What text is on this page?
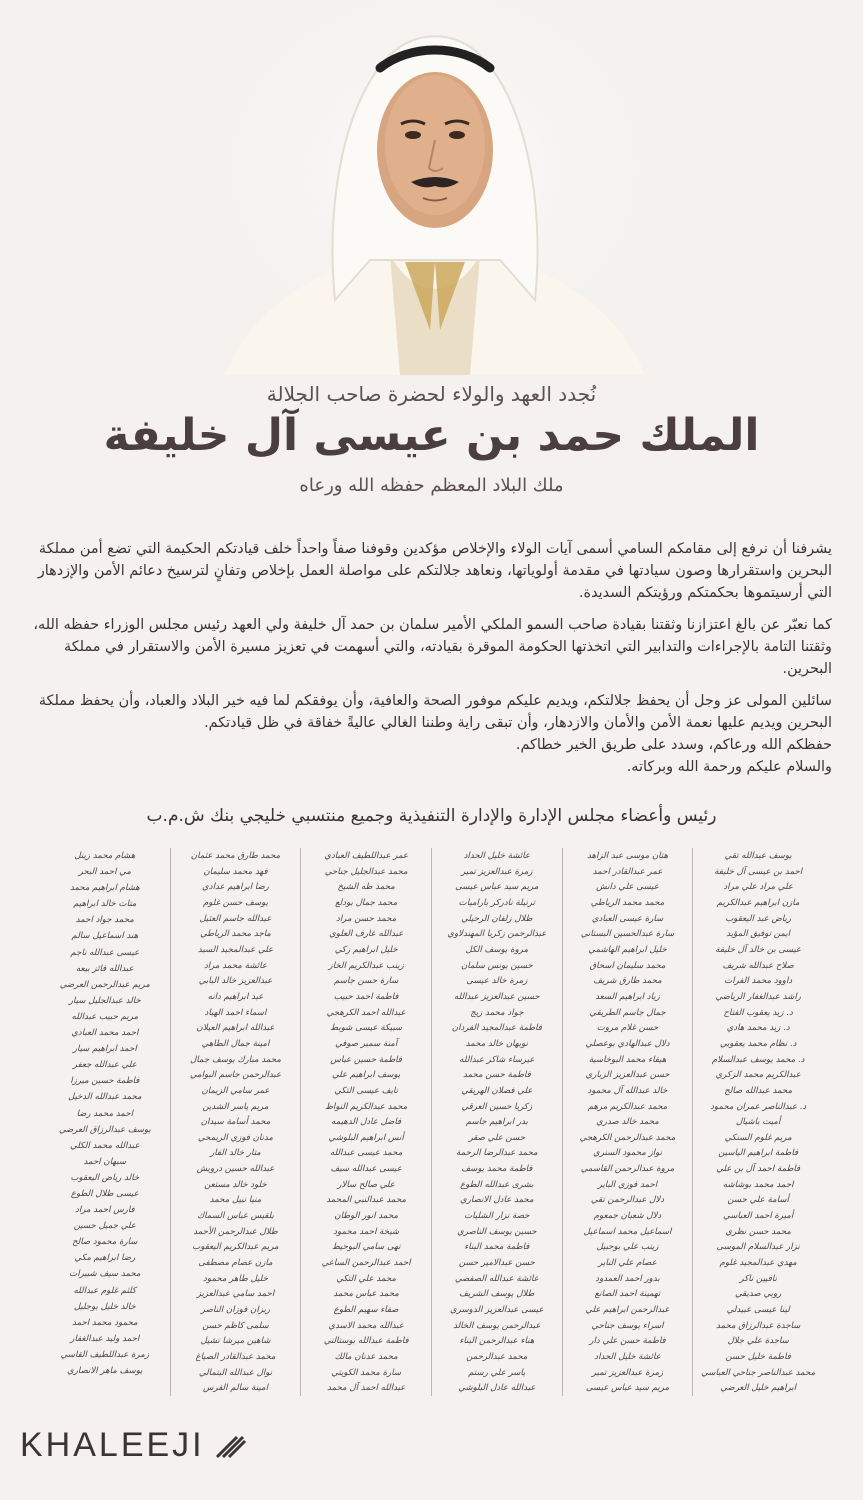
نُجدد العهد والولاء لحضرة صاحب الجلالة
الملك حمد بن عيسى آل خليفة
ملك البلاد المعظم حفظه الله ورعاه

يشرفنا أن نرفع إلى مقامكم السامي أسمى آيات الولاء والإخلاص مؤكدين وقوفنا صفاً واحداً خلف قيادتكم الحكيمة التي تضع أمن مملكة البحرين واستقرارها وصون سيادتها في مقدمة أولوياتها، ونعاهد جلالتكم على مواصلة العمل بإخلاص وتفانٍ لترسيخ دعائم الأمن والإزدهار التي أرسيتموها بحكمتكم ورؤيتكم السديدة.

كما نعبّر عن بالغ اعتزازنا وثقتنا بقيادة صاحب السمو الملكي الأمير سلمان بن حمد آل خليفة ولي العهد رئيس مجلس الوزراء حفظه الله، وثقتنا التامة بالإجراءات والتدابير التي اتخذتها الحكومة الموقرة بقيادته، والتي أسهمت في تعزيز مسيرة الأمن والاستقرار في مملكة البحرين.

سائلين المولى عز وجل أن يحفظ جلالتكم، ويديم عليكم موفور الصحة والعافية، وأن يوفقكم لما فيه خير البلاد والعباد، وأن يحفظ مملكة البحرين ويديم عليها نعمة الأمن والأمان والازدهار، وأن تبقى راية وطننا الغالي عاليةً خفاقة في ظل قيادتكم.

حفظكم الله ورعاكم، وسدد على طريق الخير خطاكم.

والسلام عليكم ورحمة الله وبركاته.

رئيس وأعضاء مجلس الإدارة والإدارة التنفيذية وجميع منتسبي خليجي بنك ش.م.ب
يوسف عبدالله تقي
احمد بن عيسى آل خليفة
علي مراد علي مراد
مازن ابراهيم عبدالكريم
رياض عبد اليعقوب
ايمن توفيق المؤيد
عيسى بن خالد آل خليفة
صلاح عبدالله شريف
داوود محمد الفرات
راشد عبدالغفار الرياضي
د. زيد يعقوب الفتاح
د. زيد محمد هادي
د. نظام محمد يعقوبي
د. محمد يوسف عبدالسلام
عبدالكريم محمد الزكري
محمد عبدالله صالح
د. عبدالناصر عمران محمود
أميت باشيال
مريم غلوم السنكي
فاطمة ابراهيم الياسين
فاطمة احمد آل بن علي
احمد محمد بوشاشه
أسامة علي حسن
أميرة احمد العباسي
محمد حسن نظري
نزار عبدالسلام الموسى
مهدي عبدالمجيد غلوم
نافيين ناكر
روبي صديقي
لينا عيسى عبيدلي
ساجدة عبدالرزاق محمد
ساجدة علي جلال
فاطمة خليل حسن
محمد عبدالناصر جناحي العباسي
ابراهيم خليل العرضي
هتان موسى عبد الزاهد
عمر عبدالقادر احمد
عيسى علي دانش
محمد محمد الرياطي
سارة عيسى العبادي
سارة عبدالحسين البستاني
خليل ابراهيم الهاشمي
محمد سليمان اسحاق
محمد طارق شريف
زياد ابراهيم السعد
جمال جاسم الطريقي
حسن غلام مروت
دلال عبدالهادي بوعصلي
هيفاء محمد البوخاسية
حسن عبدالعزيز الزباري
خالد عبدالله آل محمود
محمد عبدالكريم مرهم
محمد خالد صدري
محمد عبدالرحمن الكرهجي
نواز محمود السنري
مروة عبدالرحمن القاسمي
احمد فوزي الباير
دلال عبدالرحمن تقي
دلال شعبان جمعوم
اسماعيل محمد اسماعيل
زينب علي بوحبيل
عصام علي الناير
بدور احمد العمدود
تهمينة احمد الصانع
عبدالرحمن ابراهيم علي
اسراء يوسف جناحي
فاطمة حسن علي دار
عائشة خليل الحداد
زمرة عبدالعزيز تمير
مريم سيد عباس عيسى
عائشة خليل الحداد
زمرة عبدالعزيز تمير
مريم سيد عباس عيسى
ترنيلة نادركر باراميات
طلال زلفان الرحيلي
عبدالرحمن زكريا المهندلاوي
مروة يوسف الكل
حسين يونس سلمان
زمرة خالد عيسى
حسين عبدالعزيز عبدالله
جواد محمد زيج
فاطمة عبدالمجيد الفردان
نوبهان خالد محمد
عيرساء شاكر عبدالله
فاطمة حسن محمد
علي فضلان الهريقي
زكريا حسين العرقي
بدر ابراهيم جاسم
حسن علي صقر
محمد عبدالرضا الرحمة
فاطمة محمد يوسف
بشرى عبدالله الطوع
محمد عادل الانصاري
حصة نزار الشليات
حسين يوسف الناصري
فاطمة محمد البناء
حسن عبدالامير حسن
عائشة عبدالله الصفصي
طلال يوسف الشريف
عيسى عبدالعزيز الدوسري
عبدالرحمن يوسف الخالد
هناء عبدالرحمن البناء
محمد عبدالرحمن
ياسر علي رستم
عبدالله عادل البلوشي
عمر عبداللطيف العبادي
محمد عبدالجليل جناحي
محمد طه الشيخ
محمد جمال بودلع
محمد حسن مراد
عبدالله عارف العلوي
خليل ابراهيم زكي
زينب عبدالكريم الخاز
سارة حسن جاسم
فاطمة احمد حبيب
عبدالله احمد الكرهجي
سبيكة عيسى شوبط
آمنة سمير صوفي
فاطمة حسين عباس
يوسف ابراهيم علي
نايف عيسى التكي
محمد عبدالكريم النواظ
فاضل عادل الدهيمه
أنس ابراهيم البلوشي
محمد عيسى عبدالله
عيسى عبدالله سيف
علي صالح سالار
محمد عبدالنبي المحمد
محمد انور الوطان
شيخة احمد محمود
نهى سامي البوحيط
احمد عبدالرحمن الساعي
محمد علي التكي
محمد عباس محمد
صفاء سهيم الطوع
عبدالله محمد الاسدي
فاطمة عبدالله بوستالني
محمد عدنان مالك
سارة محمد الكويتي
عبدالله احمد آل محمد
محمد طارق محمد عثمان
فهد محمد سليمان
رضا ابراهيم عدادي
يوسف حسن غلوم
عبدالله جاسم العثيل
ماجد محمد الرياطي
علي عبدالمجيد السيد
عائشة محمد مراد
عبدالعزيز خالد البابي
عبد ابراهيم دانه
اسماء احمد الهباد
عبدالله ابراهيم العيلان
امينة جمال الطاهي
محمد مبارك يوسف جمال
عبدالرحمن جاسم البوامي
عمر سامي الزيمان
مريم ياسر الشدين
محمد أسامة سيدان
مدنان فوزي الريمحي
متار خالد الفار
عبدالله حسين درويش
خلود خالد مستعن
منيا نبيل محمد
بلقيس عباس السماك
طلال عبدالرحمن الأحمد
مريم عبدالكريم اليعقوب
مازن عصام مصطفى
خليل طاهر محمود
احمد سامي عبدالعزيز
ريزان فوزان الناصر
سلمى كاظم حسن
شاهين ميرشا تشيل
محمد عبدالقادر الصياغ
نوال عبدالله البتمالي
امينة سالم الفرس
هشام محمد زينل
مي احمد البحر
هشام ابراهيم محمد
متات خالد ابراهيم
محمد جواد احمد
هند اسماعيل سالم
عيسى عبدالله ناجم
عبدالله فائز بيعه
مريم عبدالرحمن العرضي
خالد عبدالجليل سيار
مريم حبيب عبدالله
احمد محمد العبادي
احمد ابراهيم سيار
علي عبدالله جعفر
فاطمة حسين ميرزا
محمد عبدالله الدخيل
احمد محمد رضا
يوسف عبدالرزاق العرضي
عبدالله محمد الكلي
سبهان احمد
خالد رياض اليعقوب
عيسى طلال الطوع
فارس احمد مراد
علي جميل حسين
سارة محمود صالح
رضا ابراهيم مكي
محمد سيف شبيرات
كلثم غلوم عبدالله
خالد خليل بوجليل
محمود محمد احمد
احمد وليد عبدالغفار
زمرة عبداللطيف القاسي
يوسف ماهر الانصاري
KHALEEJI
